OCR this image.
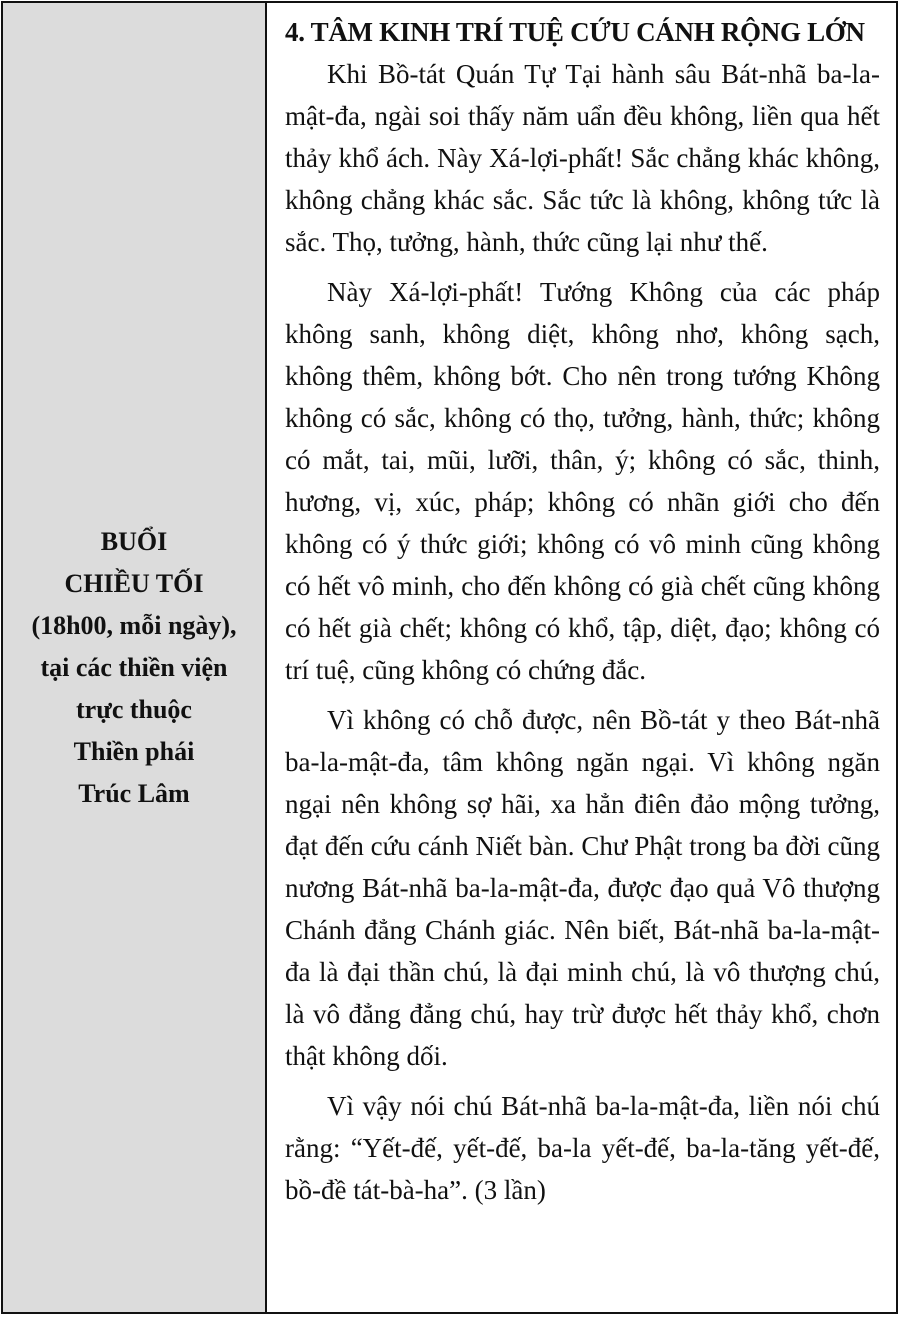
BUỔI
CHIỀU TỐI
(18h00, mỗi ngày),
tại các thiền viện
trực thuộc
Thiền phái
Trúc Lâm
4. TÂM KINH TRÍ TUỆ CỨU CÁNH RỘNG LỚN

Khi Bồ-tát Quán Tự Tại hành sâu Bát-nhã ba-la-mật-đa, ngài soi thấy năm uẩn đều không, liền qua hết thảy khổ ách. Này Xá-lợi-phất! Sắc chẳng khác không, không chẳng khác sắc. Sắc tức là không, không tức là sắc. Thọ, tưởng, hành, thức cũng lại như thế.

Này Xá-lợi-phất! Tướng Không của các pháp không sanh, không diệt, không nhơ, không sạch, không thêm, không bớt. Cho nên trong tướng Không không có sắc, không có thọ, tưởng, hành, thức; không có mắt, tai, mũi, lưỡi, thân, ý; không có sắc, thinh, hương, vị, xúc, pháp; không có nhãn giới cho đến không có ý thức giới; không có vô minh cũng không có hết vô minh, cho đến không có già chết cũng không có hết già chết; không có khổ, tập, diệt, đạo; không có trí tuệ, cũng không có chứng đắc.

Vì không có chỗ được, nên Bồ-tát y theo Bát-nhã ba-la-mật-đa, tâm không ngăn ngại. Vì không ngăn ngại nên không sợ hãi, xa hẳn điên đảo mộng tưởng, đạt đến cứu cánh Niết bàn. Chư Phật trong ba đời cũng nương Bát-nhã ba-la-mật-đa, được đạo quả Vô thượng Chánh đẳng Chánh giác. Nên biết, Bát-nhã ba-la-mật-đa là đại thần chú, là đại minh chú, là vô thượng chú, là vô đẳng đẳng chú, hay trừ được hết thảy khổ, chơn thật không dối.

Vì vậy nói chú Bát-nhã ba-la-mật-đa, liền nói chú rằng: “Yết-đế, yết-đế, ba-la yết-đế, ba-la-tăng yết-đế, bồ-đề tát-bà-ha”. (3 lần)
